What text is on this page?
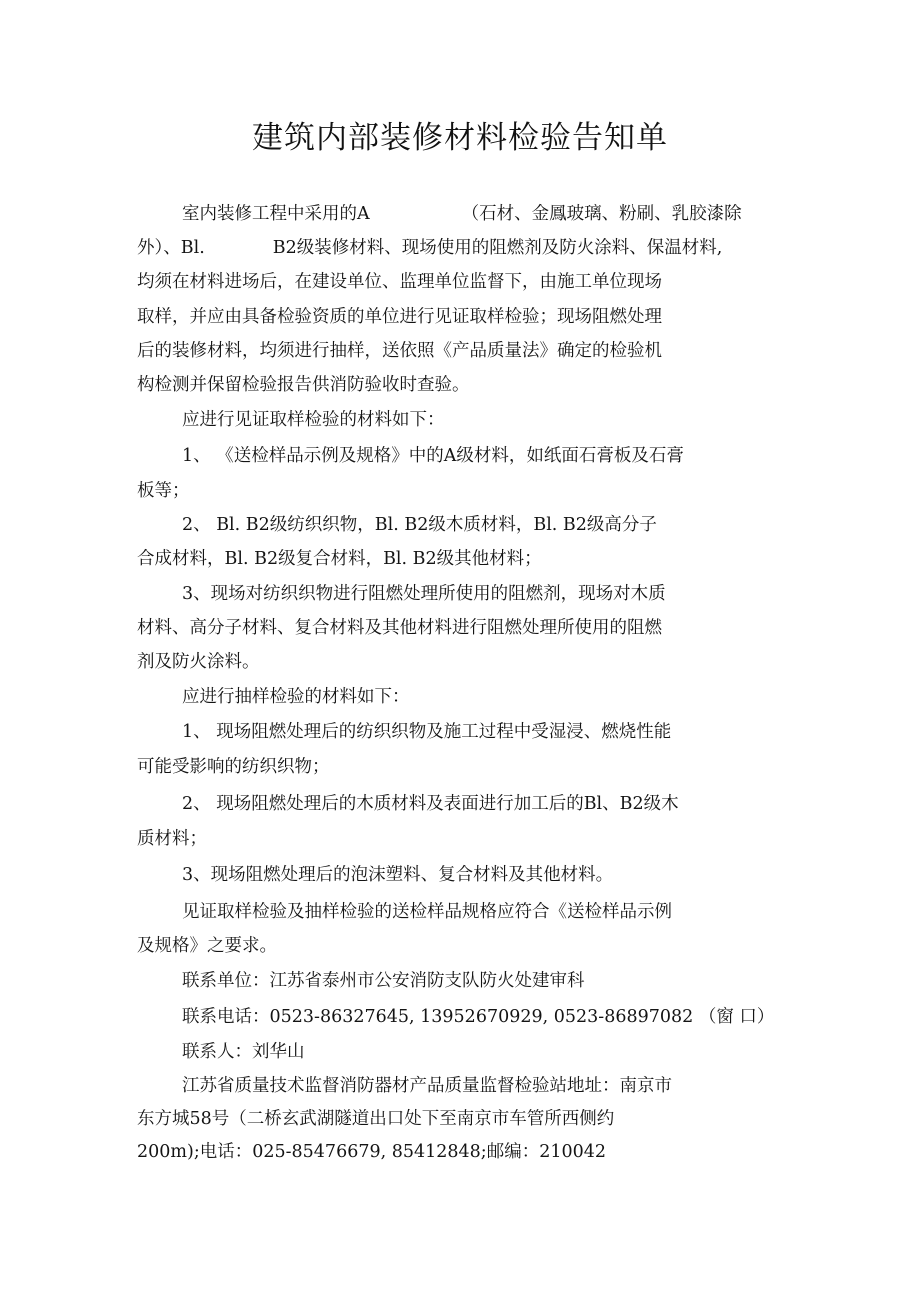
建筑内部装修材料检验告知单
室内装修工程中采用的A	（石材、金鳳玻璃、粉刷、乳胶漆除
外）、Bl.	B2级装修材料、现场使用的阻燃剂及防火涂料、保温材料,
均须在材料进场后，在建设单位、监理单位监督下，由施工单位现场
取样，并应由具备检验资质的单位进行见证取样检验；现场阻燃处理
后的装修材料，均须进行抽样，送依照《产品质量法》确定的检验机
构检测并保留检验报告供消防验收时查验。
应进行见证取样检验的材料如下：
1、 《送检样品示例及规格》中的A级材料，如纸面石膏板及石膏
板等；
2、 Bl. B2级纺织织物，Bl. B2级木质材料，Bl. B2级高分子
合成材料，Bl. B2级复合材料，Bl. B2级其他材料；
3、现场对纺织织物进行阻燃处理所使用的阻燃剂，现场对木质
材料、高分子材料、复合材料及其他材料进行阻燃处理所使用的阻燃
剂及防火涂料。
应进行抽样检验的材料如下：
1、 现场阻燃处理后的纺织织物及施工过程中受湿浸、燃烧性能
可能受影响的纺织织物；
2、 现场阻燃处理后的木质材料及表面进行加工后的Bl、B2级木
质材料；
3、现场阻燃处理后的泡沫塑料、复合材料及其他材料。
见证取样检验及抽样检验的送检样品规格应符合《送检样品示例
及规格》之要求。
联系单位：江苏省泰州市公安消防支队防火处建审科
联系电话：0523-86327645, 13952670929, 0523-86897082 （窗 口）
联系人：刘华山
江苏省质量技术监督消防器材产品质量监督检验站地址：南京市
东方城58号（二桥玄武湖隧道出口处下至南京市车管所西侧约
200m);电话：025-85476679, 85412848;邮编：210042
